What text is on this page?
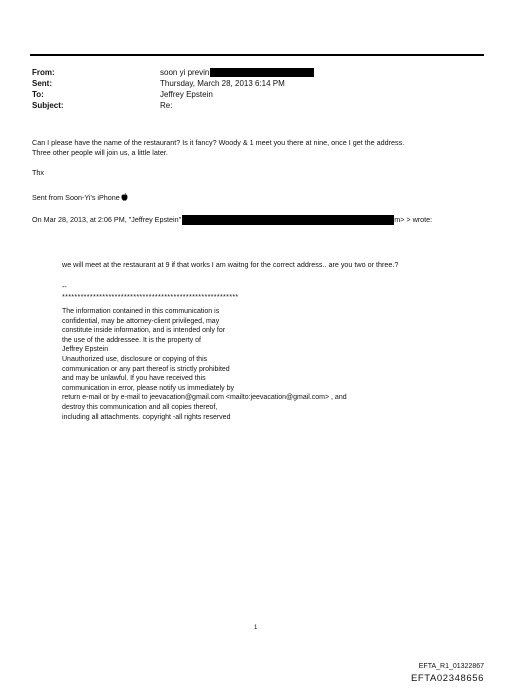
From:	soon yi previn
Sent:	Thursday, March 28, 2013 6:14 PM
To:	Jeffrey Epstein
Subject:	Re:
Can I please have the name of the restaurant? Is it fancy? Woody & 1 meet you there at nine, once I get the address.
Three other people will join us, a little later.
Thx
Sent from Soon-Yi's iPhone
On Mar 28, 2013, at 2:06 PM, "Jeffrey Epstein"	m> > wrote:
we will meet at the restaurant at 9 if that works I am waitng for the correct address.. are you two or three.?
--
*********************************************************
The information contained in this communication is
confidential, may be attorney-client privileged, may
constitute inside information, and is intended only for
the use of the addressee. It is the property of
Jeffrey Epstein
Unauthorized use, disclosure or copying of this
communication or any part thereof is strictly prohibited
and may be unlawful. If you have received this
communication in error, please notify us immediately by
return e-mail or by e-mail to jeevacation@gmail.com <mailto:jeevacation@gmail.com> , and
destroy this communication and all copies thereof,
including all attachments. copyright -all rights reserved
1
EFTA_R1_01322867
EFTA02348656
